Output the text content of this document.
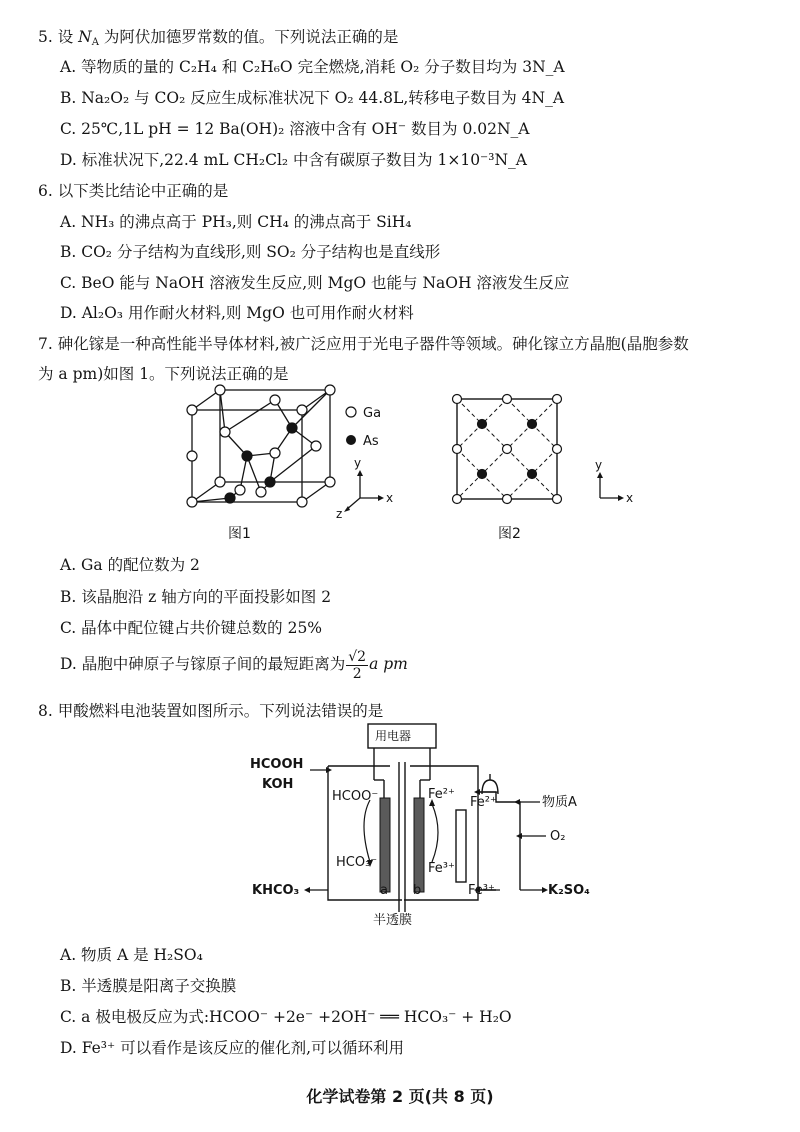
5. 设 $N_A$ 为阿伏加德罗常数的值。下列说法正确的是
A. 等物质的量的 C₂H₄ 和 C₂H₆O 完全燃烧,消耗 O₂ 分子数目均为 3N_A
B. Na₂O₂ 与 CO₂ 反应生成标准状况下 O₂ 44.8L,转移电子数目为 4N_A
C. 25℃,1L pH = 12 Ba(OH)₂ 溶液中含有 OH⁻ 数目为 0.02N_A
D. 标准状况下,22.4 mL CH₂Cl₂ 中含有碳原子数目为 1×10⁻³N_A
6. 以下类比结论中正确的是
A. NH₃ 的沸点高于 PH₃,则 CH₄ 的沸点高于 SiH₄
B. CO₂ 分子结构为直线形,则 SO₂ 分子结构也是直线形
C. BeO 能与 NaOH 溶液发生反应,则 MgO 也能与 NaOH 溶液发生反应
D. Al₂O₃ 用作耐火材料,则 MgO 也可用作耐火材料
7. 砷化镓是一种高性能半导体材料,被广泛应用于光电子器件等领域。砷化镓立方晶胞(晶胞参数
为 a pm)如图 1。下列说法正确的是
Ga
As
y
x
z
图1
y
x
图2
A. Ga 的配位数为 2
B. 该晶胞沿 z 轴方向的平面投影如图 2
C. 晶体中配位键占共价键总数的 25%
D. 晶胞中砷原子与镓原子间的最短距离为 $\frac{√2}{2}$ a pm
8. 甲酸燃料电池装置如图所示。下列说法错误的是
用电器
HCOOH
KOH
HCOO⁻
HCO₃⁻
KHCO₃	a b
Fe²⁺
Fe³⁺
Fe²⁺
Fe³⁺
物质A
O₂
K₂SO₄
半透膜
A. 物质 A 是 H₂SO₄
B. 半透膜是阳离子交换膜
C. a 极电极反应为式:HCOO⁻ +2e⁻ +2OH⁻ ══ HCO₃⁻ + H₂O
D. Fe³⁺ 可以看作是该反应的催化剂,可以循环利用
化学试卷第 2 页(共 8 页)
